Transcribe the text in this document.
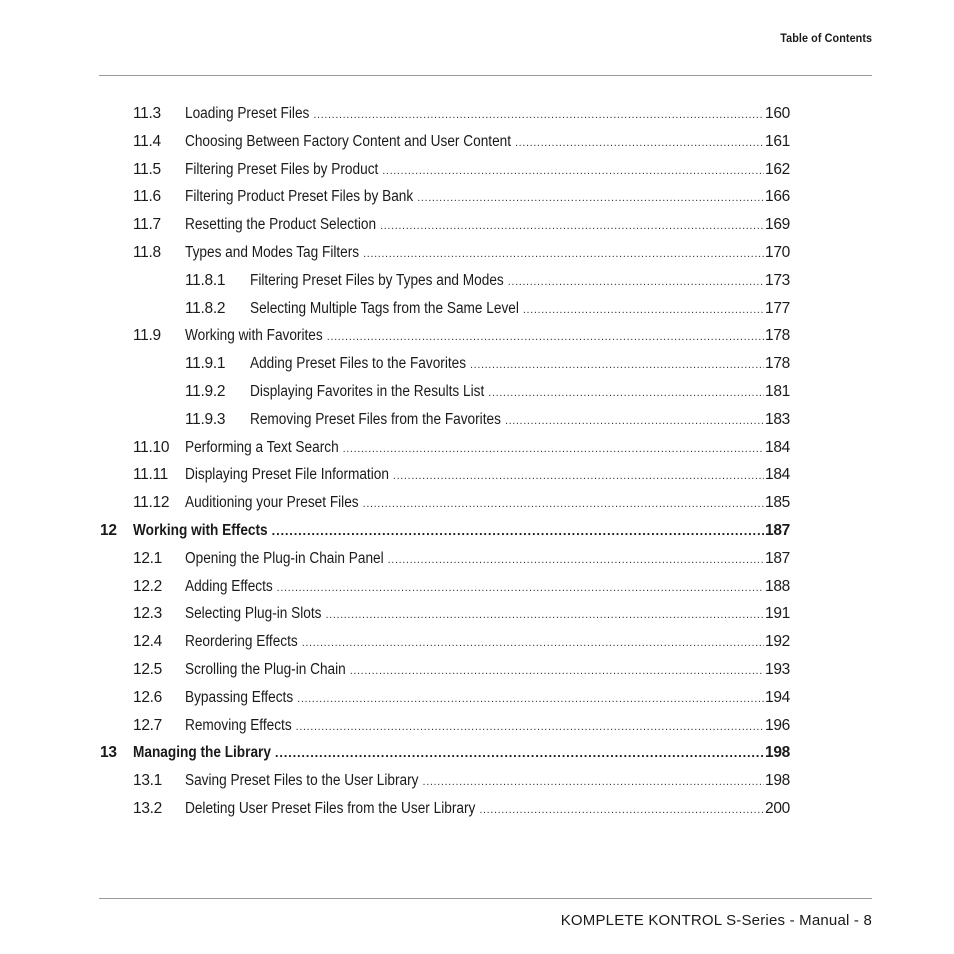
Table of Contents
11.3 Loading Preset Files .....	160
11.4 Choosing Between Factory Content and User Content .....	161
11.5 Filtering Preset Files by Product .....	162
11.6 Filtering Product Preset Files by Bank .....	166
11.7 Resetting the Product Selection .....	169
11.8 Types and Modes Tag Filters .....	170
11.8.1 Filtering Preset Files by Types and Modes .....	173
11.8.2 Selecting Multiple Tags from the Same Level .....	177
11.9 Working with Favorites .....	178
11.9.1 Adding Preset Files to the Favorites .....	178
11.9.2 Displaying Favorites in the Results List .....	181
11.9.3 Removing Preset Files from the Favorites .....	183
11.10 Performing a Text Search .....	184
11.11 Displaying Preset File Information .....	184
11.12 Auditioning your Preset Files .....	185
12 Working with Effects .....	187
12.1 Opening the Plug-in Chain Panel .....	187
12.2 Adding Effects .....	188
12.3 Selecting Plug-in Slots .....	191
12.4 Reordering Effects .....	192
12.5 Scrolling the Plug-in Chain .....	193
12.6 Bypassing Effects .....	194
12.7 Removing Effects .....	196
13 Managing the Library .....	198
13.1 Saving Preset Files to the User Library .....	198
13.2 Deleting User Preset Files from the User Library .....	200
KOMPLETE KONTROL S-Series - Manual - 8
